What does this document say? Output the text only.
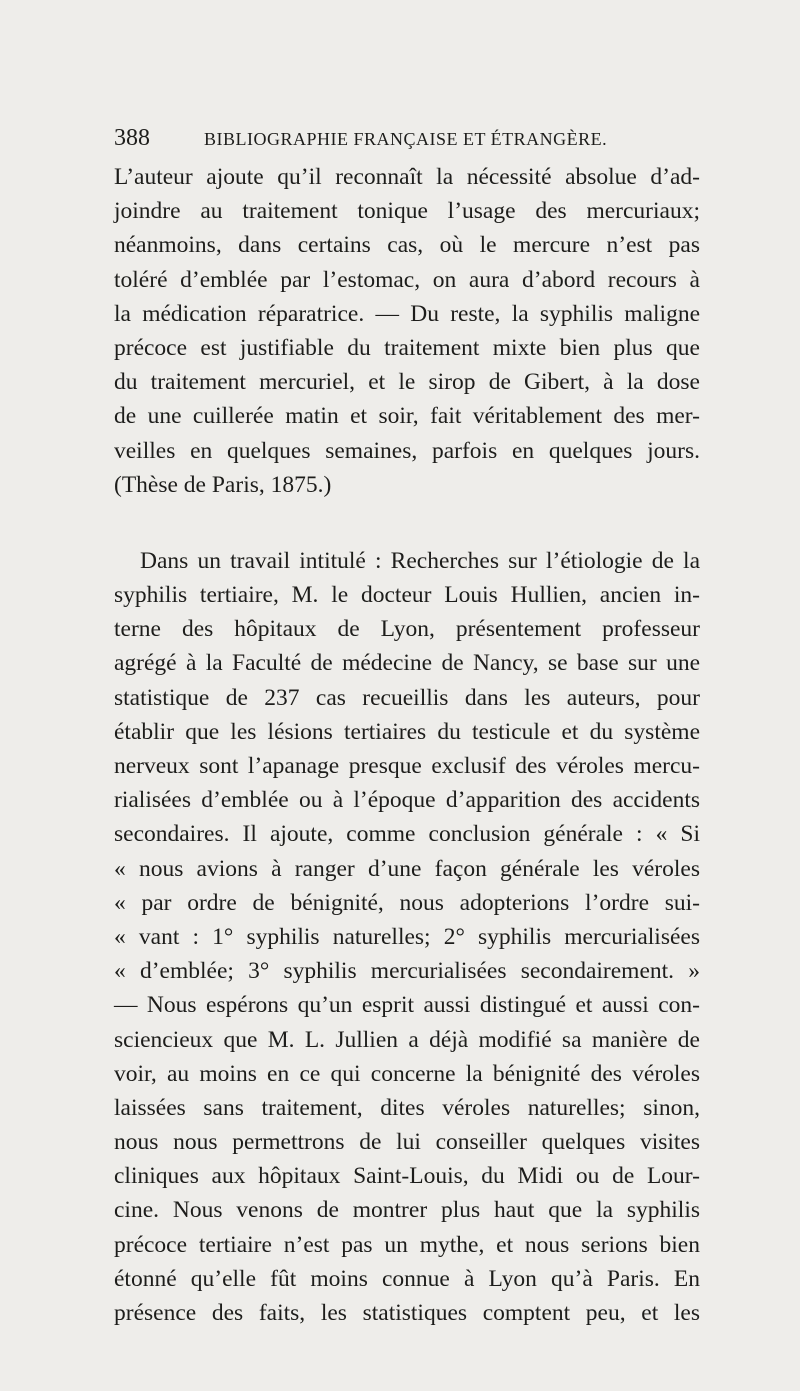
388	BIBLIOGRAPHIE FRANÇAISE ET ÉTRANGÈRE.
L’auteur ajoute qu’il reconnaît la nécessité absolue d’ad-
joindre au traitement tonique l’usage des mercuriaux;
néanmoins, dans certains cas, où le mercure n’est pas
toléré d’emblée par l’estomac, on aura d’abord recours à
la médication réparatrice. — Du reste, la syphilis maligne
précoce est justifiable du traitement mixte bien plus que
du traitement mercuriel, et le sirop de Gibert, à la dose
de une cuillerée matin et soir, fait véritablement des mer-
veilles en quelques semaines, parfois en quelques jours.
(Thèse de Paris, 1875.)
Dans un travail intitulé : Recherches sur l’étiologie de la
syphilis tertiaire, M. le docteur Louis Hullien, ancien in-
terne des hôpitaux de Lyon, présentement professeur
agrégé à la Faculté de médecine de Nancy, se base sur une
statistique de 237 cas recueillis dans les auteurs, pour
établir que les lésions tertiaires du testicule et du système
nerveux sont l’apanage presque exclusif des véroles mercu-
rialisées d’emblée ou à l’époque d’apparition des accidents
secondaires. Il ajoute, comme conclusion générale : « Si
« nous avions à ranger d’une façon générale les véroles
« par ordre de bénignité, nous adopterions l’ordre sui-
« vant : 1° syphilis naturelles; 2° syphilis mercurialisées
« d’emblée; 3° syphilis mercurialisées secondairement. »
— Nous espérons qu’un esprit aussi distingué et aussi con-
sciencieux que M. L. Jullien a déjà modifié sa manière de
voir, au moins en ce qui concerne la bénignité des véroles
laissées sans traitement, dites véroles naturelles; sinon,
nous nous permettrons de lui conseiller quelques visites
cliniques aux hôpitaux Saint-Louis, du Midi ou de Lour-
cine. Nous venons de montrer plus haut que la syphilis
précoce tertiaire n’est pas un mythe, et nous serions bien
étonné qu’elle fût moins connue à Lyon qu’à Paris. En
présence des faits, les statistiques comptent peu, et les
